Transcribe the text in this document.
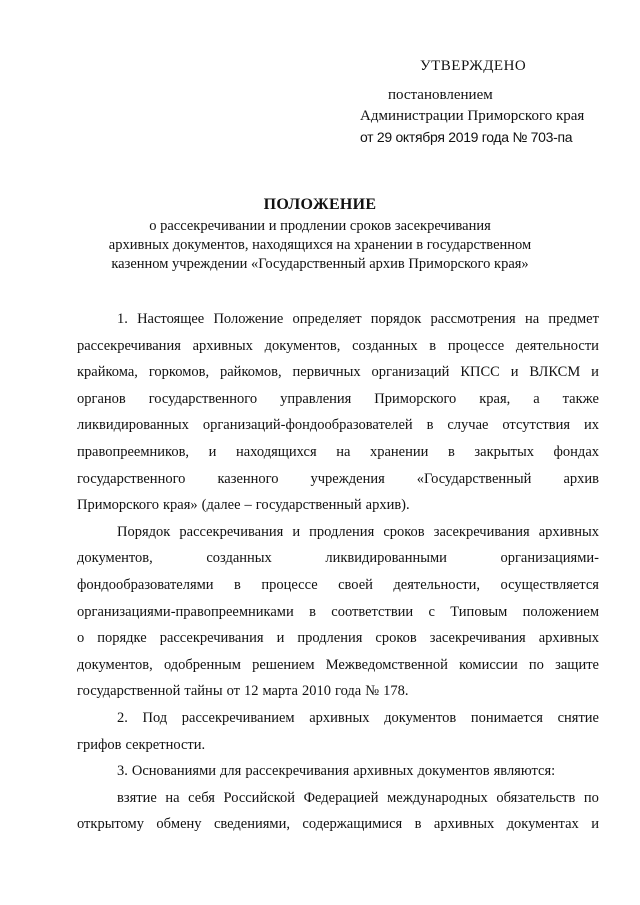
УТВЕРЖДЕНО
постановлением
Администрации Приморского края
от 29 октября 2019 года № 703-па
ПОЛОЖЕНИЕ
о рассекречивании и продлении сроков засекречивания
архивных документов, находящихся на хранении в государственном
казенном учреждении «Государственный архив Приморского края»
1. Настоящее Положение определяет порядок рассмотрения на предмет
рассекречивания архивных документов, созданных в процессе деятельности
крайкома, горкомов, райкомов, первичных организаций КПСС и ВЛКСМ и
органов государственного управления Приморского края, а также
ликвидированных организаций-фондообразователей в случае отсутствия их
правопреемников, и находящихся на хранении в закрытых фондах
государственного казенного учреждения «Государственный архив
Приморского края» (далее – государственный архив).
Порядок рассекречивания и продления сроков засекречивания архивных
документов,	созданных	ликвидированными	организациями-
фондообразователями в процессе своей деятельности, осуществляется
организациями-правопреемниками в соответствии с Типовым положением
о порядке рассекречивания и продления сроков засекречивания архивных
документов, одобренным решением Межведомственной комиссии по защите
государственной тайны от 12 марта 2010 года № 178.
2. Под рассекречиванием архивных документов понимается снятие
грифов секретности.
3. Основаниями для рассекречивания архивных документов являются:
взятие на себя Российской Федерацией международных обязательств по
открытому обмену сведениями, содержащимися в архивных документах и
